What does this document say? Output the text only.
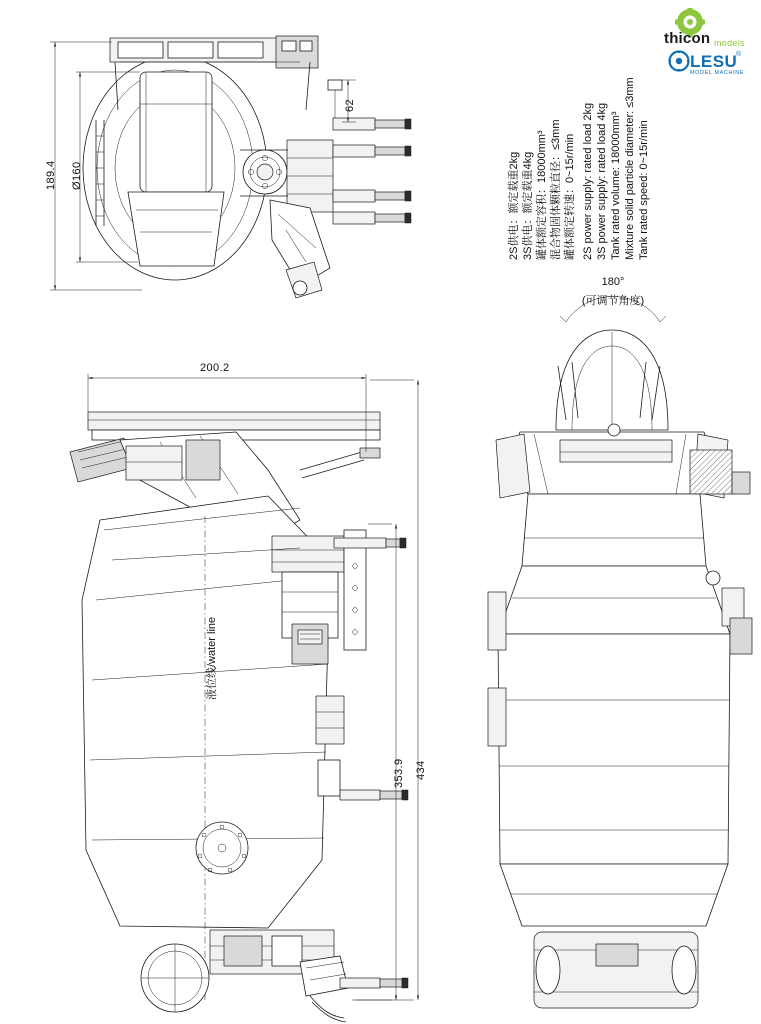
189.4 Ø160
62
200.2
353.9 434
液位线/water line
180°
(可调节角度)
2S供电：额定载重2kg 3S供电：额定载重4kg 罐体额定容积：18000mm³ 混合物固体颗粒直径：≤3mm 罐体额定转速：0~15r/min 2S power supply: rated load 2kg 3S power supply: rated load 4kg Tank rated volume: 18000mm³ Mixture solid particle diameter: ≤3mm Tank rated speed: 0~15r/min
thicon models
LESU
MODEL MACHINE
®
